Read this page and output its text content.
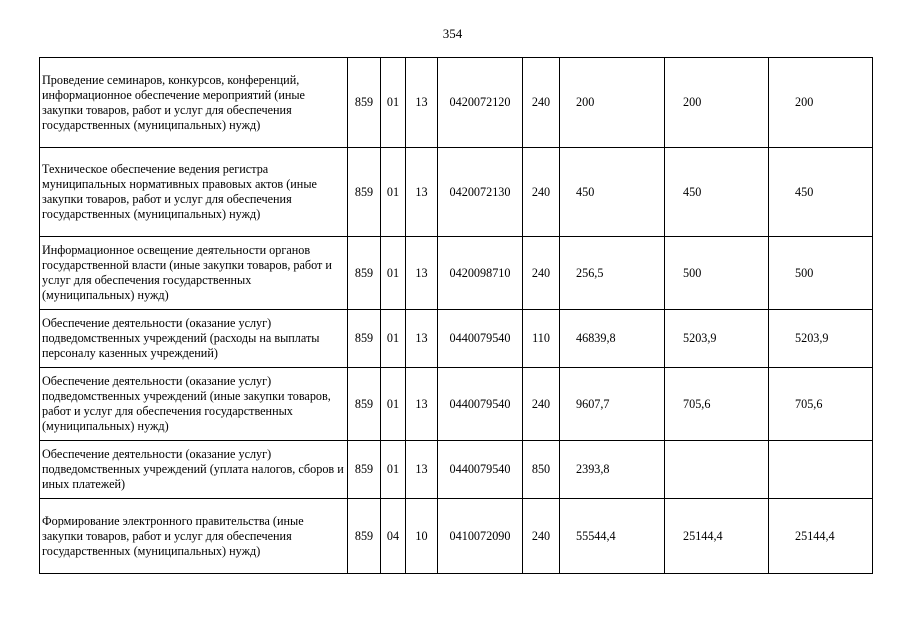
354
Проведение семинаров, конкурсов, конференций, информационное обеспечение мероприятий (иные закупки товаров, работ и услуг для обеспечения государственных (муниципальных) нужд)	859	01	13	0420072120	240	200	200	200
Техническое обеспечение ведения регистра муниципальных нормативных правовых актов (иные закупки товаров, работ и услуг для обеспечения государственных (муниципальных) нужд)	859	01	13	0420072130	240	450	450	450
Информационное освещение деятельности органов государственной власти (иные закупки товаров, работ и услуг для обеспечения государственных (муниципальных) нужд)	859	01	13	0420098710	240	256,5	500	500
Обеспечение деятельности (оказание услуг) подведомственных учреждений (расходы на выплаты персоналу казенных учреждений)	859	01	13	0440079540	110	46839,8	5203,9	5203,9
Обеспечение деятельности (оказание услуг) подведомственных учреждений (иные закупки товаров, работ и услуг для обеспечения государственных (муниципальных) нужд)	859	01	13	0440079540	240	9607,7	705,6	705,6
Обеспечение деятельности (оказание услуг) подведомственных учреждений (уплата налогов, сборов и иных платежей)	859	01	13	0440079540	850	2393,8		
Формирование электронного правительства (иные закупки товаров, работ и услуг для обеспечения государственных (муниципальных) нужд)	859	04	10	0410072090	240	55544,4	25144,4	25144,4
